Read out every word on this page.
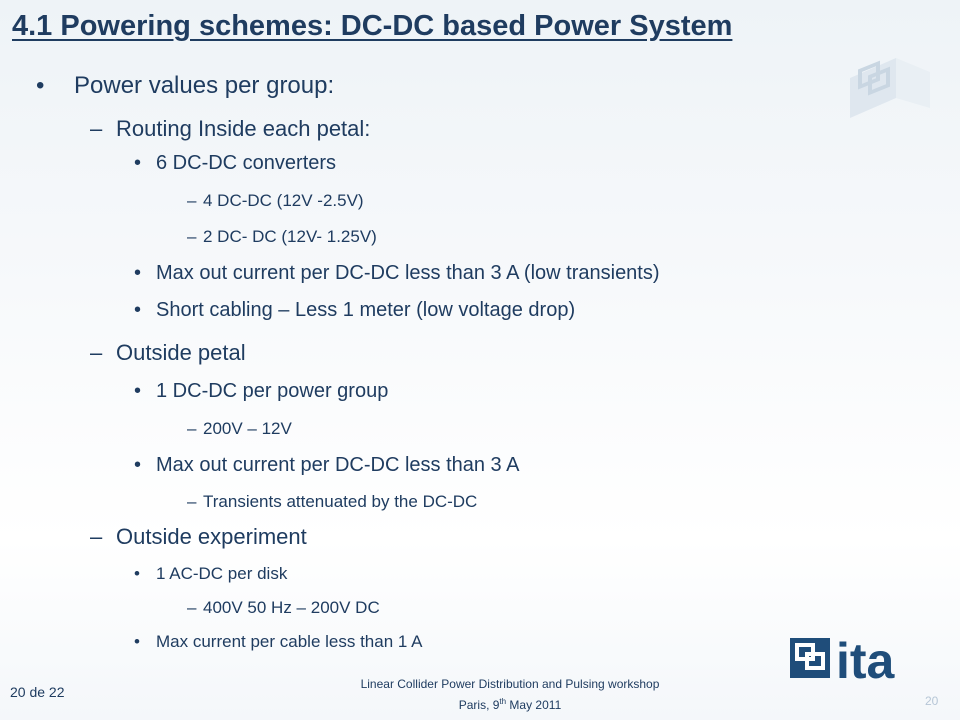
4.1 Powering schemes: DC-DC based Power System
• Power values per group:
– Routing Inside each petal:
• 6 DC-DC converters
– 4 DC-DC (12V -2.5V)
– 2 DC- DC (12V- 1.25V)
• Max out current per DC-DC less than 3 A (low transients)
• Short cabling – Less 1 meter (low voltage drop)
– Outside petal
• 1 DC-DC per power group
– 200V – 12V
• Max out current per DC-DC less than 3 A
– Transients attenuated by the DC-DC
– Outside experiment
• 1 AC-DC per disk
– 400V 50 Hz – 200V DC
• Max current per cable less than 1 A	ita
20 de 22	Linear Collider Power Distribution and Pulsing workshop
Paris, 9th May 2011	20
